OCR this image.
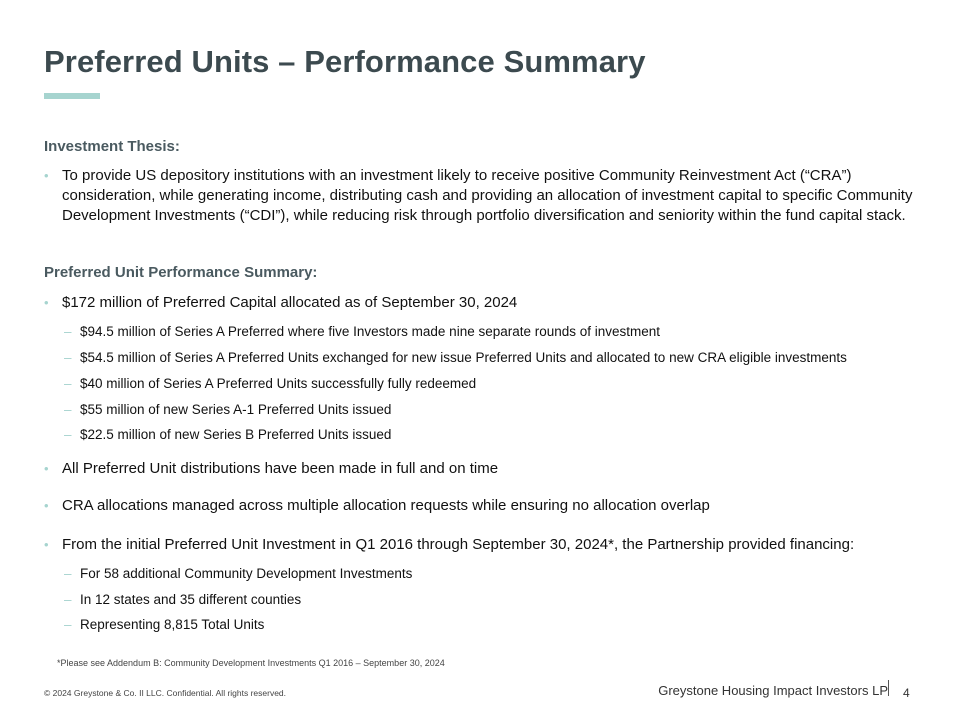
Preferred Units – Performance Summary
Investment Thesis:
• To provide US depository institutions with an investment likely to receive positive Community Reinvestment Act (“CRA”) consideration, while generating income, distributing cash and providing an allocation of investment capital to specific Community Development Investments (“CDI”), while reducing risk through portfolio diversification and seniority within the fund capital stack.
Preferred Unit Performance Summary:
• $172 million of Preferred Capital allocated as of September 30, 2024
– $94.5 million of Series A Preferred where five Investors made nine separate rounds of investment
– $54.5 million of Series A Preferred Units exchanged for new issue Preferred Units and allocated to new CRA eligible investments
– $40 million of Series A Preferred Units successfully fully redeemed
– $55 million of new Series A-1 Preferred Units issued
– $22.5 million of new Series B Preferred Units issued
• All Preferred Unit distributions have been made in full and on time
• CRA allocations managed across multiple allocation requests while ensuring no allocation overlap
• From the initial Preferred Unit Investment in Q1 2016 through September 30, 2024*, the Partnership provided financing:
– For 58 additional Community Development Investments
– In 12 states and 35 different counties
– Representing 8,815 Total Units
*Please see Addendum B: Community Development Investments Q1 2016 – September 30, 2024
© 2024 Greystone & Co. II LLC. Confidential. All rights reserved.	Greystone Housing Impact Investors LP 4
